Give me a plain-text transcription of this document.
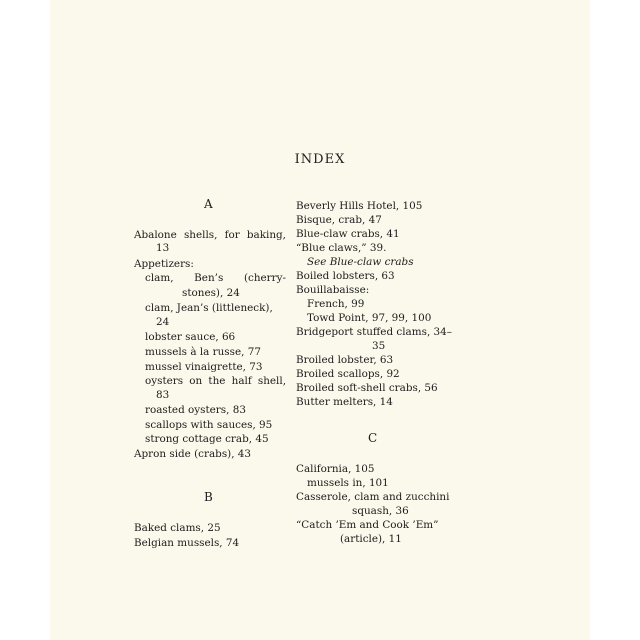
INDEX
A
Abalone shells, for baking,
13
Appetizers:
clam, Ben’s (cherry-
stones), 24
clam, Jean’s (littleneck),
24
lobster sauce, 66
mussels à la russe, 77
mussel vinaigrette, 73
oysters on the half shell,
83
roasted oysters, 83
scallops with sauces, 95
strong cottage crab, 45
Apron side (crabs), 43
B
Baked clams, 25
Belgian mussels, 74
Beverly Hills Hotel, 105
Bisque, crab, 47
Blue-claw crabs, 41
“Blue claws,” 39.
See Blue-claw crabs
Boiled lobsters, 63
Bouillabaisse:
French, 99
Towd Point, 97, 99, 100
Bridgeport stuffed clams, 34–
35
Broiled lobster, 63
Broiled scallops, 92
Broiled soft-shell crabs, 56
Butter melters, 14
C
California, 105
mussels in, 101
Casserole, clam and zucchini
squash, 36
“Catch ’Em and Cook ’Em”
(article), 11
